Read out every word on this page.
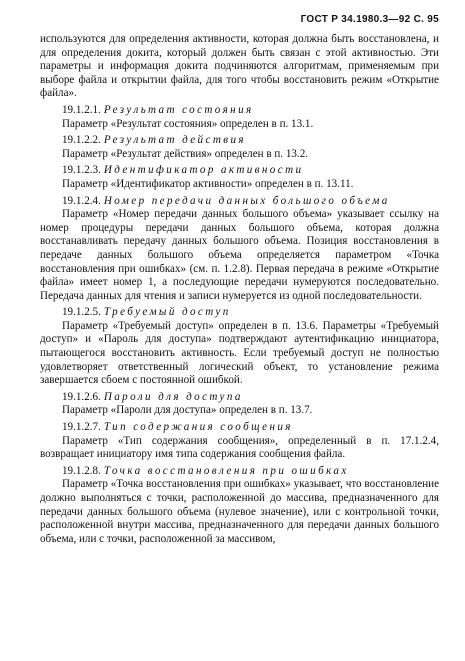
ГОСТ Р 34.1980.3—92 С. 95

используются для определения активности, которая должна быть восстановлена, и для определения докита, который должен быть связан с этой активностью. Эти параметры и информация докита подчиняются алгоритмам, применяемым при выборе файла и открытии файла, для того чтобы восстановить режим «Открытие файла».

19.1.2.1. Результат состояния

Параметр «Результат состояния» определен в п. 13.1.

19.1.2.2. Результат действия

Параметр «Результат действия» определен в п. 13.2.

19.1.2.3. Идентификатор активности

Параметр «Идентификатор активности» определен в п. 13.11.

19.1.2.4. Номер передачи данных большого объема

Параметр «Номер передачи данных большого объема» указывает ссылку на номер процедуры передачи данных большого объема, которая должна восстанавливать передачу данных большого объема. Позиция восстановления в передаче данных большого объема определяется параметром «Точка восстановления при ошибках» (см. п. 1.2.8). Первая передача в режиме «Открытие файла» имеет номер 1, а последующие передачи нумеруются последовательно. Передача данных для чтения и записи нумеруется из одной последовательности.

19.1.2.5. Требуемый доступ

Параметр «Требуемый доступ» определен в п. 13.6. Параметры «Требуемый доступ» и «Пароль для доступа» подтверждают аутентификацию инициатора, пытающегося восстановить активность. Если требуемый доступ не полностью удовлетворяет ответственный логический объект, то установление режима завершается сбоем с постоянной ошибкой.

19.1.2.6. Пароли для доступа

Параметр «Пароли для доступа» определен в п. 13.7.

19.1.2.7. Тип содержания сообщения

Параметр «Тип содержания сообщения», определенный в п. 17.1.2.4, возвращает инициатору имя типа содержания сообщения файла.

19.1.2.8. Точка восстановления при ошибках

Параметр «Точка восстановления при ошибках» указывает, что восстановление должно выполняться с точки, расположенной до массива, предназначенного для передачи данных большого объема (нулевое значение), или с контрольной точки, расположенной внутри массива, предназначенного для передачи данных большого объема, или с точки, расположенной за массивом,
